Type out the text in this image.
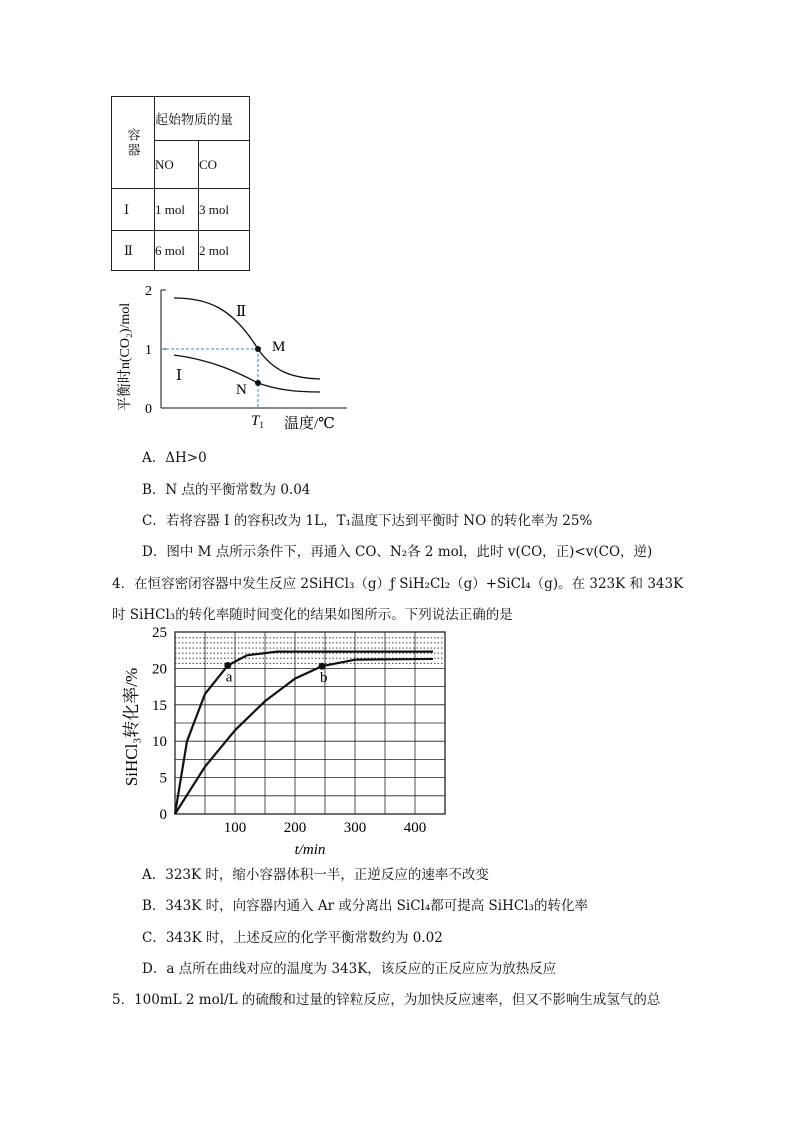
容器	起始物质的量	
	NO	CO
Ⅰ	1 mol	3 mol
Ⅱ	6 mol	2 mol
2
1
0
平衡时n(CO₂)/mol	Ⅱ
Ⅰ
M
N
$T_1$ 温度/℃
A．ΔH>0
B．N 点的平衡常数为 0.04
C．若将容器 I 的容积改为 1L，T₁温度下达到平衡时 NO 的转化率为 25%
D．图中 M 点所示条件下，再通入 CO、N₂各 2 mol，此时 v(CO，正)<v(CO，逆)
4．在恒容密闭容器中发生反应 2SiHCl₃（g）ƒ SiH₂Cl₂（g）+SiCl₄（g)。在 323K 和 343K
时 SiHCl₃的转化率随时间变化的结果如图所示。下列说法正确的是
a	b
0
5
10
15
20
25
100	200	300	400
SiHCl₃转化率/%
t/min
A．323K 时，缩小容器体积一半，正逆反应的速率不改变
B．343K 时，向容器内通入 Ar 或分离出 SiCl₄都可提高 SiHCl₃的转化率
C．343K 时，上述反应的化学平衡常数约为 0.02
D．a 点所在曲线对应的温度为 343K，该反应的正反应应为放热反应
5．100mL 2 mol/L 的硫酸和过量的锌粒反应，为加快反应速率，但又不影响生成氢气的总
